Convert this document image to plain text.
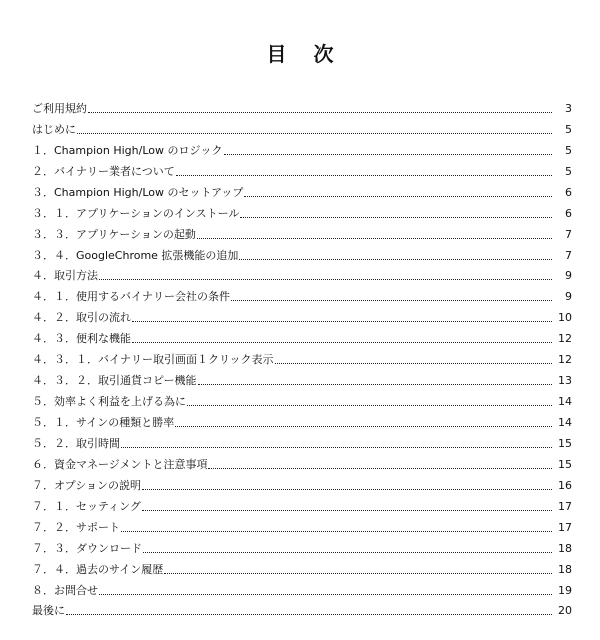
目 次
ご利用規約	3
はじめに	5
１．Champion High/Low のロジック	5
２．バイナリー業者について	5
３．Champion High/Low のセットアップ	6
３．１．アプリケーションのインストール	6
３．３．アプリケーションの起動	7
３．４．GoogleChrome 拡張機能の追加	7
４．取引方法	9
４．１．使用するバイナリー会社の条件	9
４．２．取引の流れ	10
４．３．便利な機能	12
４．３．１．バイナリー取引画面１クリック表示	12
４．３．２．取引通貨コピー機能	13
５．効率よく利益を上げる為に	14
５．１．サインの種類と勝率	14
５．２．取引時間	15
６．資金マネージメントと注意事項	15
７．オプションの説明	16
７．１．セッティング	17
７．２．サポート	17
７．３．ダウンロード	18
７．４．過去のサイン履歴	18
８．お問合せ	19
最後に	20
